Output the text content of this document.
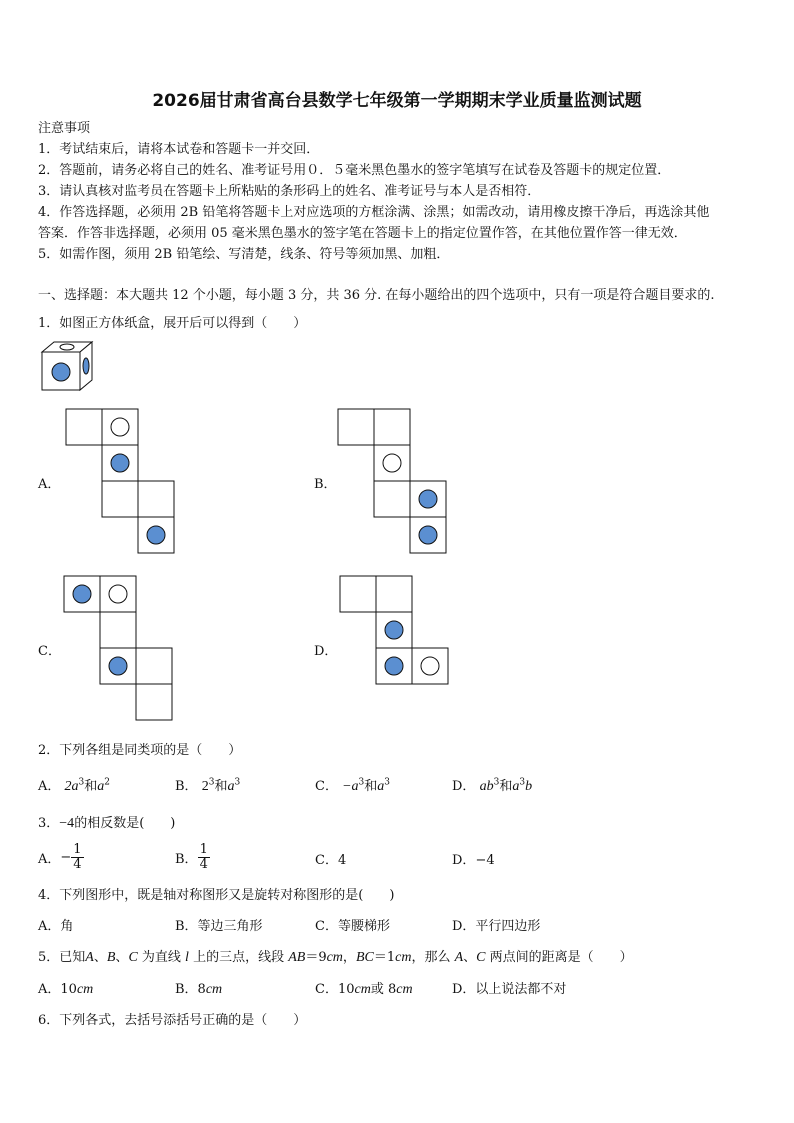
2026届甘肃省高台县数学七年级第一学期期末学业质量监测试题
注意事项
1．考试结束后，请将本试卷和答题卡一并交回．
2．答题前，请务必将自己的姓名、准考证号用０．５毫米黑色墨水的签字笔填写在试卷及答题卡的规定位置．
3．请认真核对监考员在答题卡上所粘贴的条形码上的姓名、准考证号与本人是否相符．
4．作答选择题，必须用 2B 铅笔将答题卡上对应选项的方框涂满、涂黑；如需改动，请用橡皮擦干净后，再选涂其他
答案．作答非选择题，必须用 05 毫米黑色墨水的签字笔在答题卡上的指定位置作答，在其他位置作答一律无效．
5．如需作图，须用 2B 铅笔绘、写清楚，线条、符号等须加黑、加粗．
一、选择题：本大题共 12 个小题，每小题 3 分，共 36 分. 在每小题给出的四个选项中，只有一项是符合题目要求的.
1．如图正方体纸盒，展开后可以得到（　　）
A．	B．
C．	D．
2．下列各组是同类项的是（　　）
A． $2a^3$和$a^2$	B． $2^3$和$a^3$	C． $-a^3$和$a^3$	D． $ab^3$和$a^3b$
3．−4的相反数是(　　)
A． − $\frac{1}{4}$	B． $\frac{1}{4}$	C．4	D．−4
4．下列图形中，既是轴对称图形又是旋转对称图形的是(　　)
A．角	B．等边三角形	C．等腰梯形	D．平行四边形
5．已知A、B、C 为直线 l 上的三点，线段 AB＝9cm，BC＝1cm，那么 A、C 两点间的距离是（　　）
A．10cm	B．8cm	C．10cm或 8cm	D．以上说法都不对
6．下列各式，去括号添括号正确的是（　　）
